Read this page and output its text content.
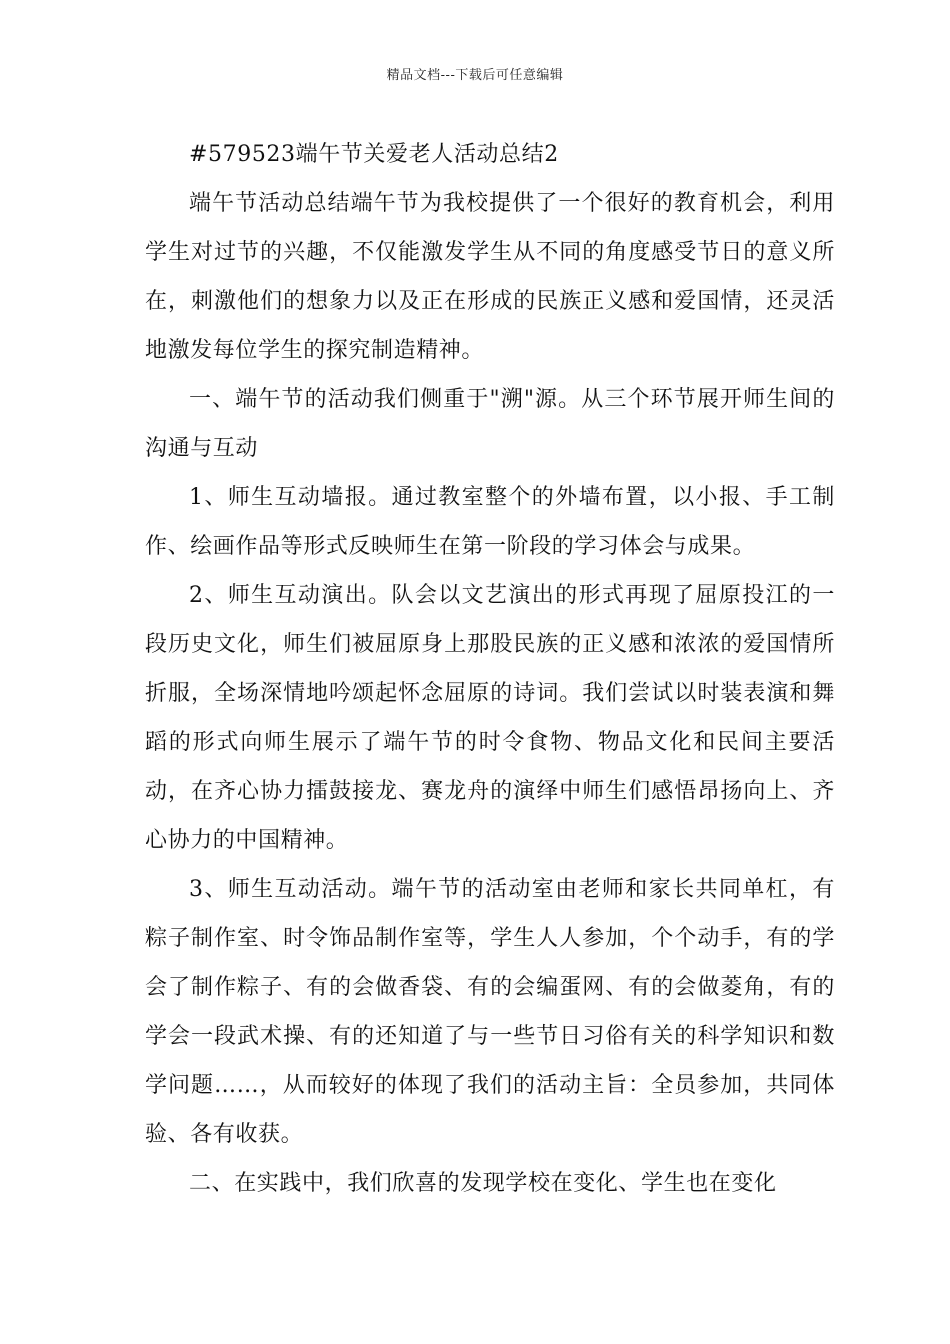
精品文档---下载后可任意编辑
#579523端午节关爱老人活动总结2

端午节活动总结端午节为我校提供了一个很好的教育机会，利用学生对过节的兴趣，不仅能激发学生从不同的角度感受节日的意义所在，刺激他们的想象力以及正在形成的民族正义感和爱国情，还灵活地激发每位学生的探究制造精神。

一、端午节的活动我们侧重于"溯"源。从三个环节展开师生间的沟通与互动

1、师生互动墙报。通过教室整个的外墙布置，以小报、手工制作、绘画作品等形式反映师生在第一阶段的学习体会与成果。

2、师生互动演出。队会以文艺演出的形式再现了屈原投江的一段历史文化，师生们被屈原身上那股民族的正义感和浓浓的爱国情所折服，全场深情地吟颂起怀念屈原的诗词。我们尝试以时装表演和舞蹈的形式向师生展示了端午节的时令食物、物品文化和民间主要活动，在齐心协力擂鼓接龙、赛龙舟的演绎中师生们感悟昂扬向上、齐心协力的中国精神。

3、师生互动活动。端午节的活动室由老师和家长共同单杠，有粽子制作室、时令饰品制作室等，学生人人参加，个个动手，有的学会了制作粽子、有的会做香袋、有的会编蛋网、有的会做菱角，有的学会一段武术操、有的还知道了与一些节日习俗有关的科学知识和数学问题……，从而较好的体现了我们的活动主旨：全员参加，共同体验、各有收获。

二、在实践中，我们欣喜的发现学校在变化、学生也在变化
